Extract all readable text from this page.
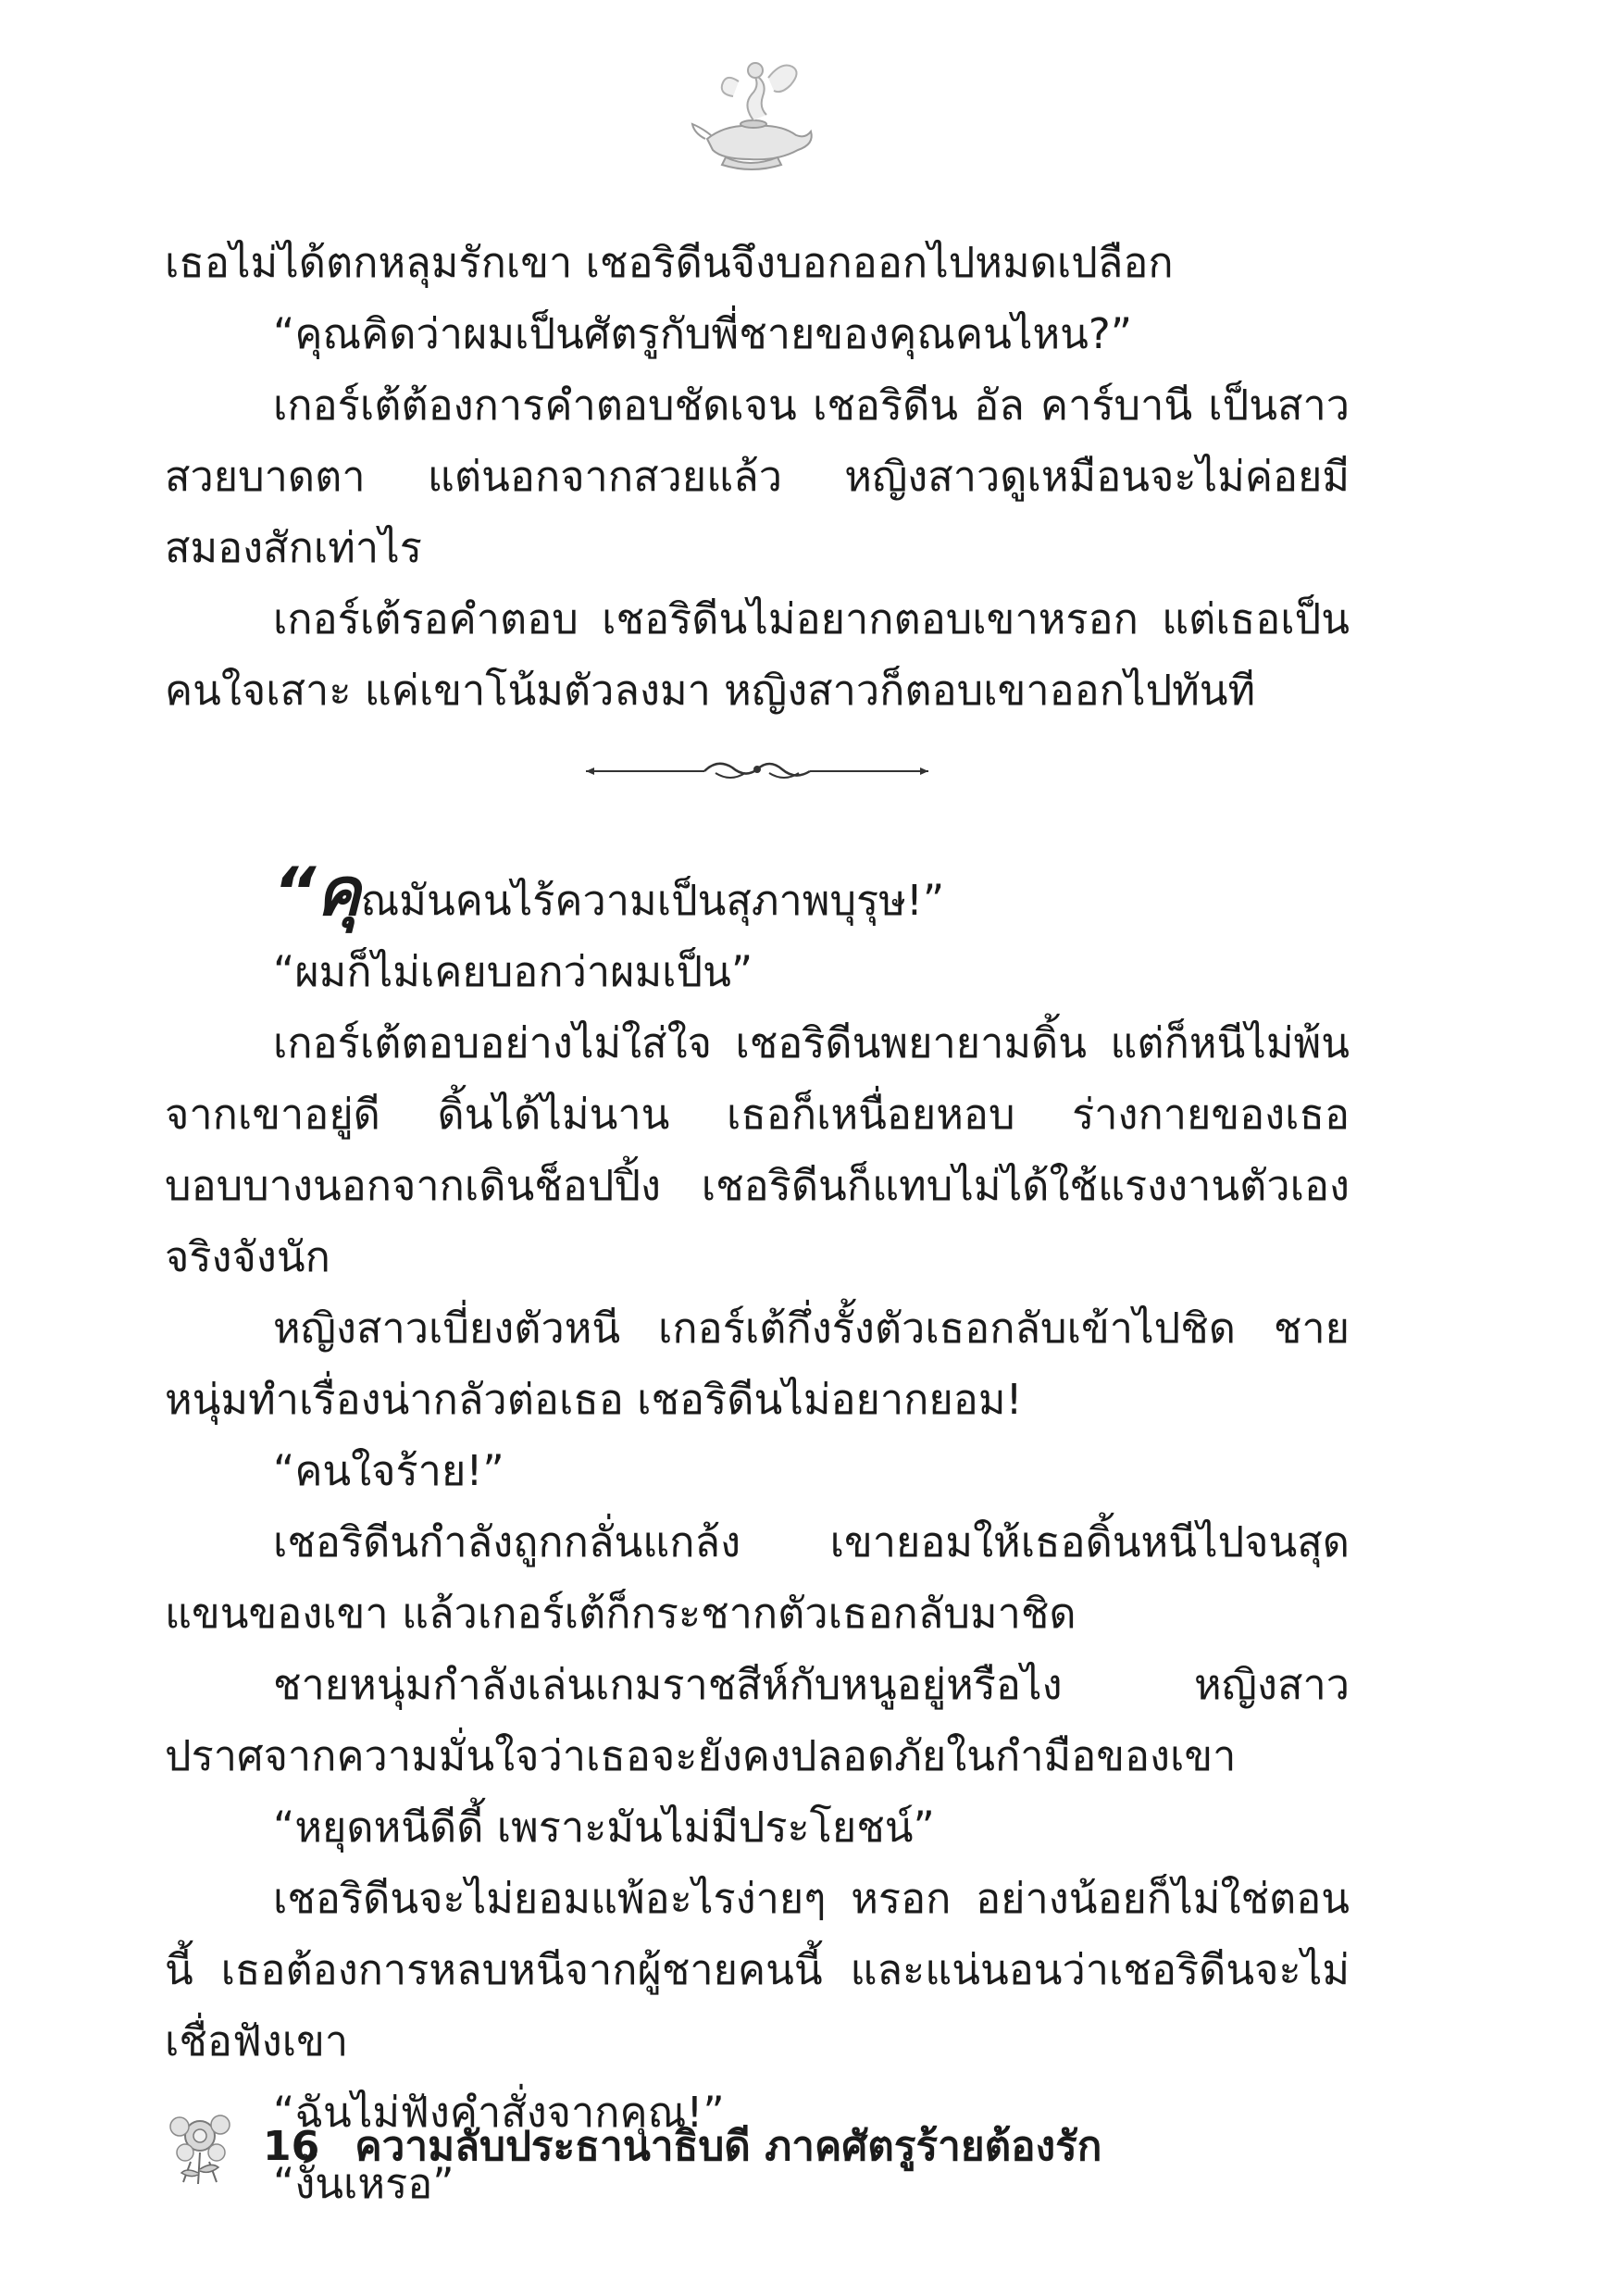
เธอไม่ได้ตกหลุมรักเขา เชอริดีนจึงบอกออกไปหมดเปลือก

“คุณคิดว่าผมเป็นศัตรูกับพี่ชายของคุณคนไหน?”

เกอร์เต้ต้องการคำตอบชัดเจน เชอริดีน อัล คาร์บานี เป็นสาวสวยบาดตา แต่นอกจากสวยแล้ว หญิงสาวดูเหมือนจะไม่ค่อยมีสมองสักเท่าไร

เกอร์เต้รอคำตอบ เชอริดีนไม่อยากตอบเขาหรอก แต่เธอเป็นคนใจเสาะ แค่เขาโน้มตัวลงมา หญิงสาวก็ตอบเขาออกไปทันที

“คุณมันคนไร้ความเป็นสุภาพบุรุษ!”

“ผมก็ไม่เคยบอกว่าผมเป็น”

เกอร์เต้ตอบอย่างไม่ใส่ใจ เชอริดีนพยายามดิ้น แต่ก็หนีไม่พ้นจากเขาอยู่ดี ดิ้นได้ไม่นาน เธอก็เหนื่อยหอบ ร่างกายของเธอบอบบางนอกจากเดินช็อปปิ้ง เชอริดีนก็แทบไม่ได้ใช้แรงงานตัวเองจริงจังนัก

หญิงสาวเบี่ยงตัวหนี เกอร์เต้กึ่งรั้งตัวเธอกลับเข้าไปชิด ชายหนุ่มทำเรื่องน่ากลัวต่อเธอ เชอริดีนไม่อยากยอม!

“คนใจร้าย!”

เชอริดีนกำลังถูกกลั่นแกล้ง เขายอมให้เธอดิ้นหนีไปจนสุดแขนของเขา แล้วเกอร์เต้ก็กระชากตัวเธอกลับมาชิด

ชายหนุ่มกำลังเล่นเกมราชสีห์กับหนูอยู่หรือไง หญิงสาวปราศจากความมั่นใจว่าเธอจะยังคงปลอดภัยในกำมือของเขา

“หยุดหนีดีดี้ เพราะมันไม่มีประโยชน์”

เชอริดีนจะไม่ยอมแพ้อะไรง่ายๆ หรอก อย่างน้อยก็ไม่ใช่ตอนนี้ เธอต้องการหลบหนีจากผู้ชายคนนี้ และแน่นอนว่าเชอริดีนจะไม่เชื่อฟังเขา

“ฉันไม่ฟังคำสั่งจากคุณ!”

“งั้นเหรอ”

16 ความลับประธานาธิบดี ภาคศัตรูร้ายต้องรัก
